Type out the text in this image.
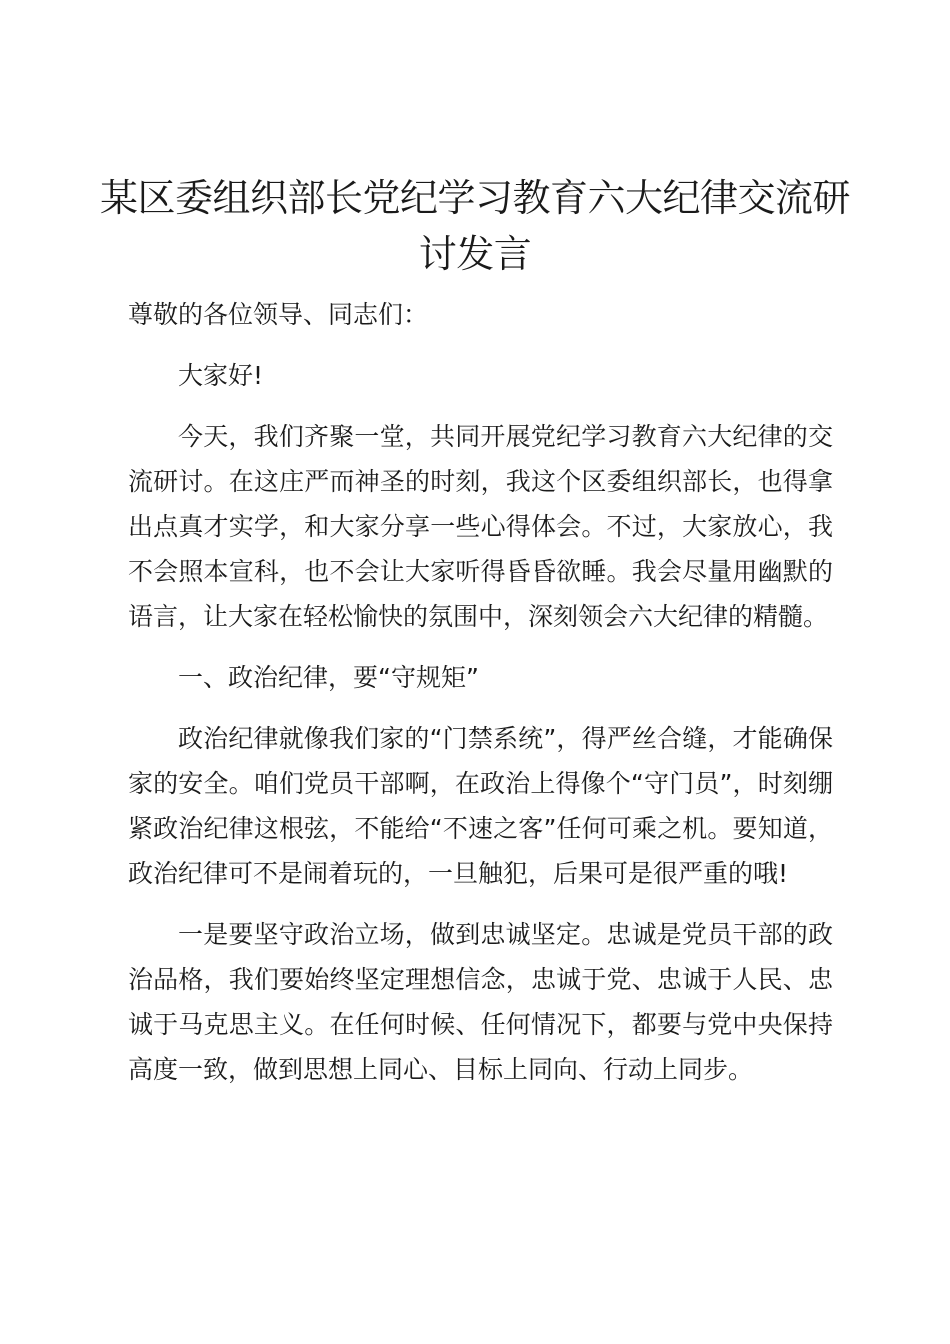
某区委组织部长党纪学习教育六大纪律交流研讨发言

尊敬的各位领导、同志们：

大家好!

今天，我们齐聚一堂，共同开展党纪学习教育六大纪律的交流研讨。在这庄严而神圣的时刻，我这个区委组织部长，也得拿出点真才实学，和大家分享一些心得体会。不过，大家放心，我不会照本宣科，也不会让大家听得昏昏欲睡。我会尽量用幽默的语言，让大家在轻松愉快的氛围中，深刻领会六大纪律的精髓。

一、政治纪律，要“守规矩”

政治纪律就像我们家的“门禁系统”，得严丝合缝，才能确保家的安全。咱们党员干部啊，在政治上得像个“守门员”，时刻绷紧政治纪律这根弦，不能给“不速之客”任何可乘之机。要知道，政治纪律可不是闹着玩的，一旦触犯，后果可是很严重的哦!

一是要坚守政治立场，做到忠诚坚定。忠诚是党员干部的政治品格，我们要始终坚定理想信念，忠诚于党、忠诚于人民、忠诚于马克思主义。在任何时候、任何情况下，都要与党中央保持高度一致，做到思想上同心、目标上同向、行动上同步。
